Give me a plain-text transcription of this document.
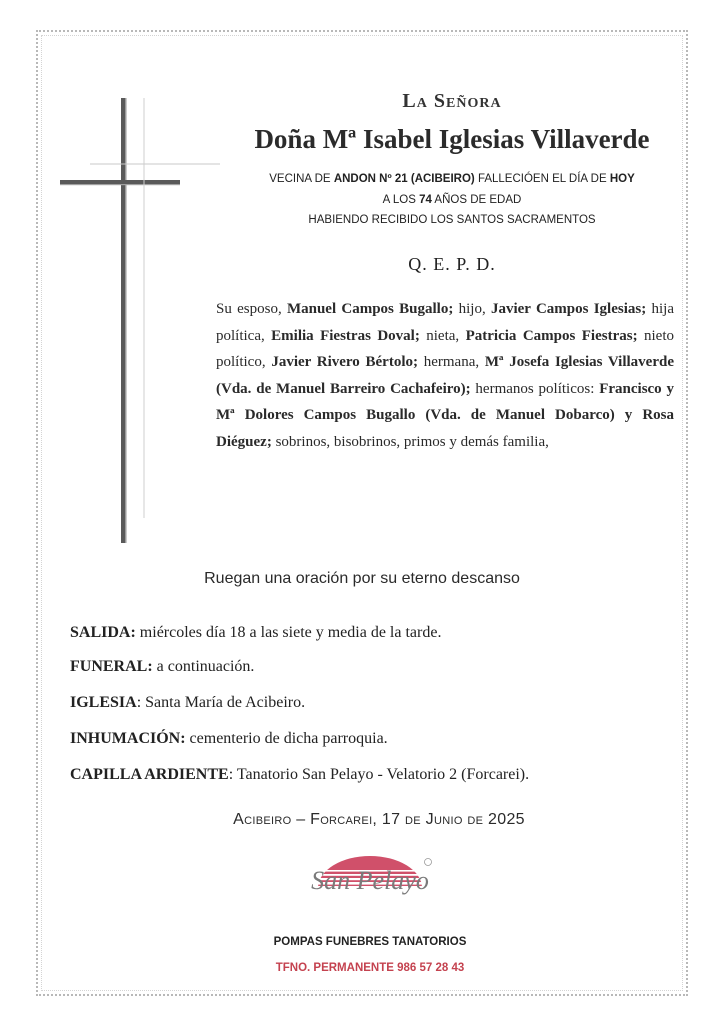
La Señora
Doña Mª Isabel Iglesias Villaverde
VECINA DE ANDON Nº 21 (ACIBEIRO) FALLECIÓEN EL DÍA DE HOY
A LOS 74 AÑOS DE EDAD
HABIENDO RECIBIDO LOS SANTOS SACRAMENTOS
Q. E. P. D.
Su esposo, Manuel Campos Bugallo; hijo, Javier Campos Iglesias; hija política, Emilia Fiestras Doval; nieta, Patricia Campos Fiestras; nieto político, Javier Rivero Bértolo; hermana, Mª Josefa Iglesias Villaverde (Vda. de Manuel Barreiro Cachafeiro); hermanos políticos: Francisco y Mª Dolores Campos Bugallo (Vda. de Manuel Dobarco) y Rosa Diéguez; sobrinos, bisobrinos, primos y demás familia,
Ruegan una oración por su eterno descanso
SALIDA: miércoles día 18 a las siete y media de la tarde.
FUNERAL: a continuación.
IGLESIA: Santa María de Acibeiro.
INHUMACIÓN: cementerio de dicha parroquia.
CAPILLA ARDIENTE: Tanatorio San Pelayo - Velatorio 2 (Forcarei).
Acibeiro – Forcarei, 17 de Junio de 2025
San Pelayo
POMPAS FUNEBRES TANATORIOS
TFNO. PERMANENTE 986 57 28 43
